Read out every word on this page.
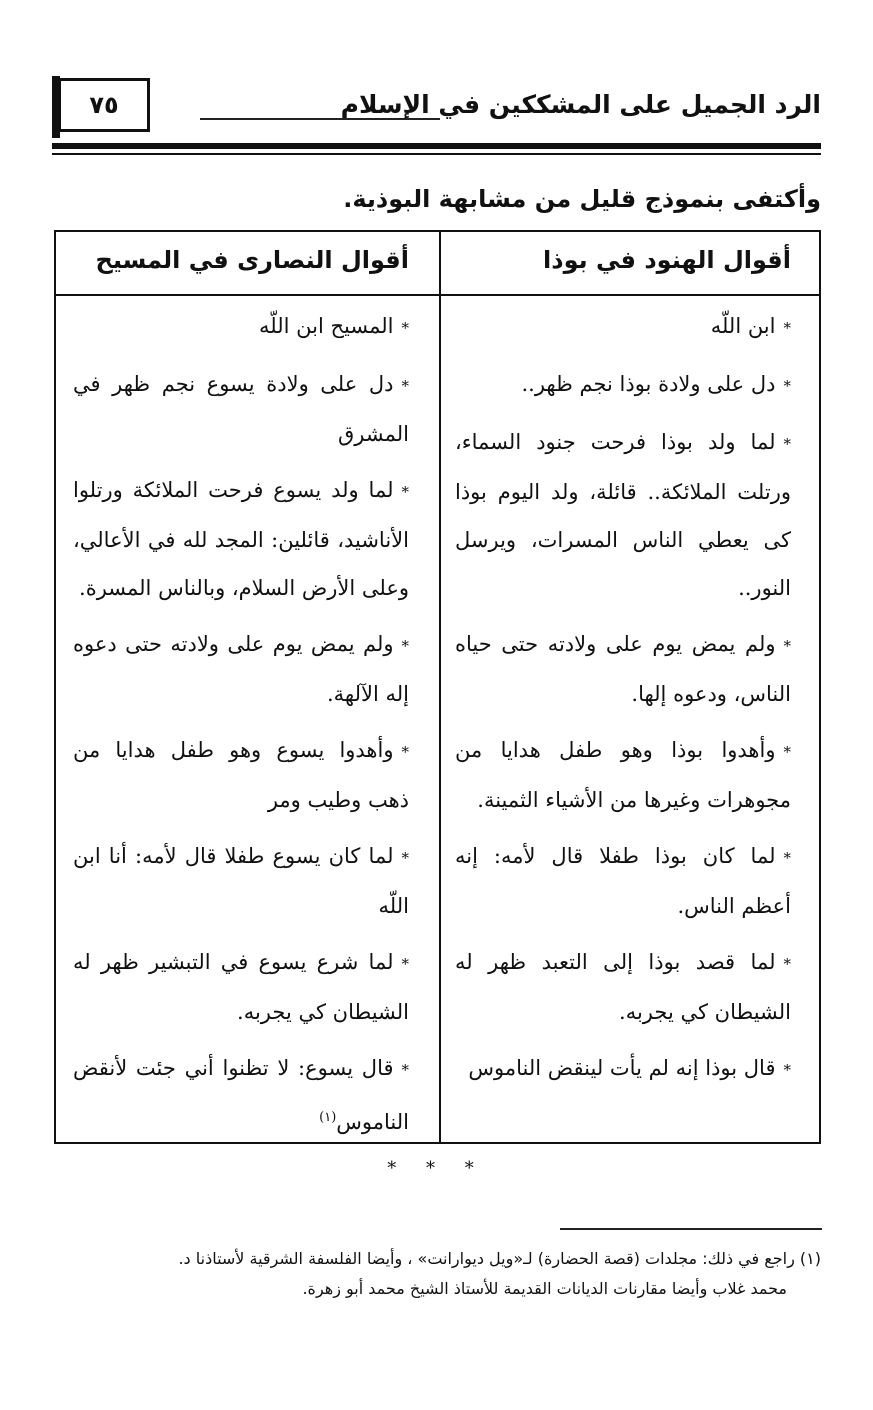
الرد الجميل على المشككين في الإسلام
٧٥
وأكتفى بنموذج قليل من مشابهة البوذية.
أقوال الهنود في بوذا
أقوال النصارى في المسيح
*ابن اللّه
*دل على ولادة بوذا نجم ظهر..
*لما ولد بوذا فرحت جنود السماء، ورتلت الملائكة.. قائلة، ولد اليوم بوذا كى يعطي الناس المسرات، ويرسل النور..
*ولم يمض يوم على ولادته حتى حياه الناس، ودعوه إلها.
*وأهدوا بوذا وهو طفل هدايا من مجوهرات وغيرها من الأشياء الثمينة.
*لما كان بوذا طفلا قال لأمه: إنه أعظم الناس.
*لما قصد بوذا إلى التعبد ظهر له الشيطان كي يجربه.
*قال بوذا إنه لم يأت لينقض الناموس
*المسيح ابن اللّه
*دل على ولادة يسوع نجم ظهر في المشرق
*لما ولد يسوع فرحت الملائكة ورتلوا الأناشيد، قائلين: المجد لله في الأعالي، وعلى الأرض السلام، وبالناس المسرة.
*ولم يمض يوم على ولادته حتى دعوه إله الآلهة.
*وأهدوا يسوع وهو طفل هدايا من ذهب وطيب ومر
*لما كان يسوع طفلا قال لأمه: أنا ابن اللّه
*لما شرع يسوع في التبشير ظهر له الشيطان كي يجربه.
*قال يسوع: لا تظنوا أني جئت لأنقض الناموس$^{(١)}$
* * *
(١) راجع في ذلك: مجلدات (قصة الحضارة) لـ«ويل ديوارانت» ، وأيضا الفلسفة الشرقية لأستاذنا د.
محمد غلاب وأيضا مقارنات الديانات القديمة للأستاذ الشيخ محمد أبو زهرة.
